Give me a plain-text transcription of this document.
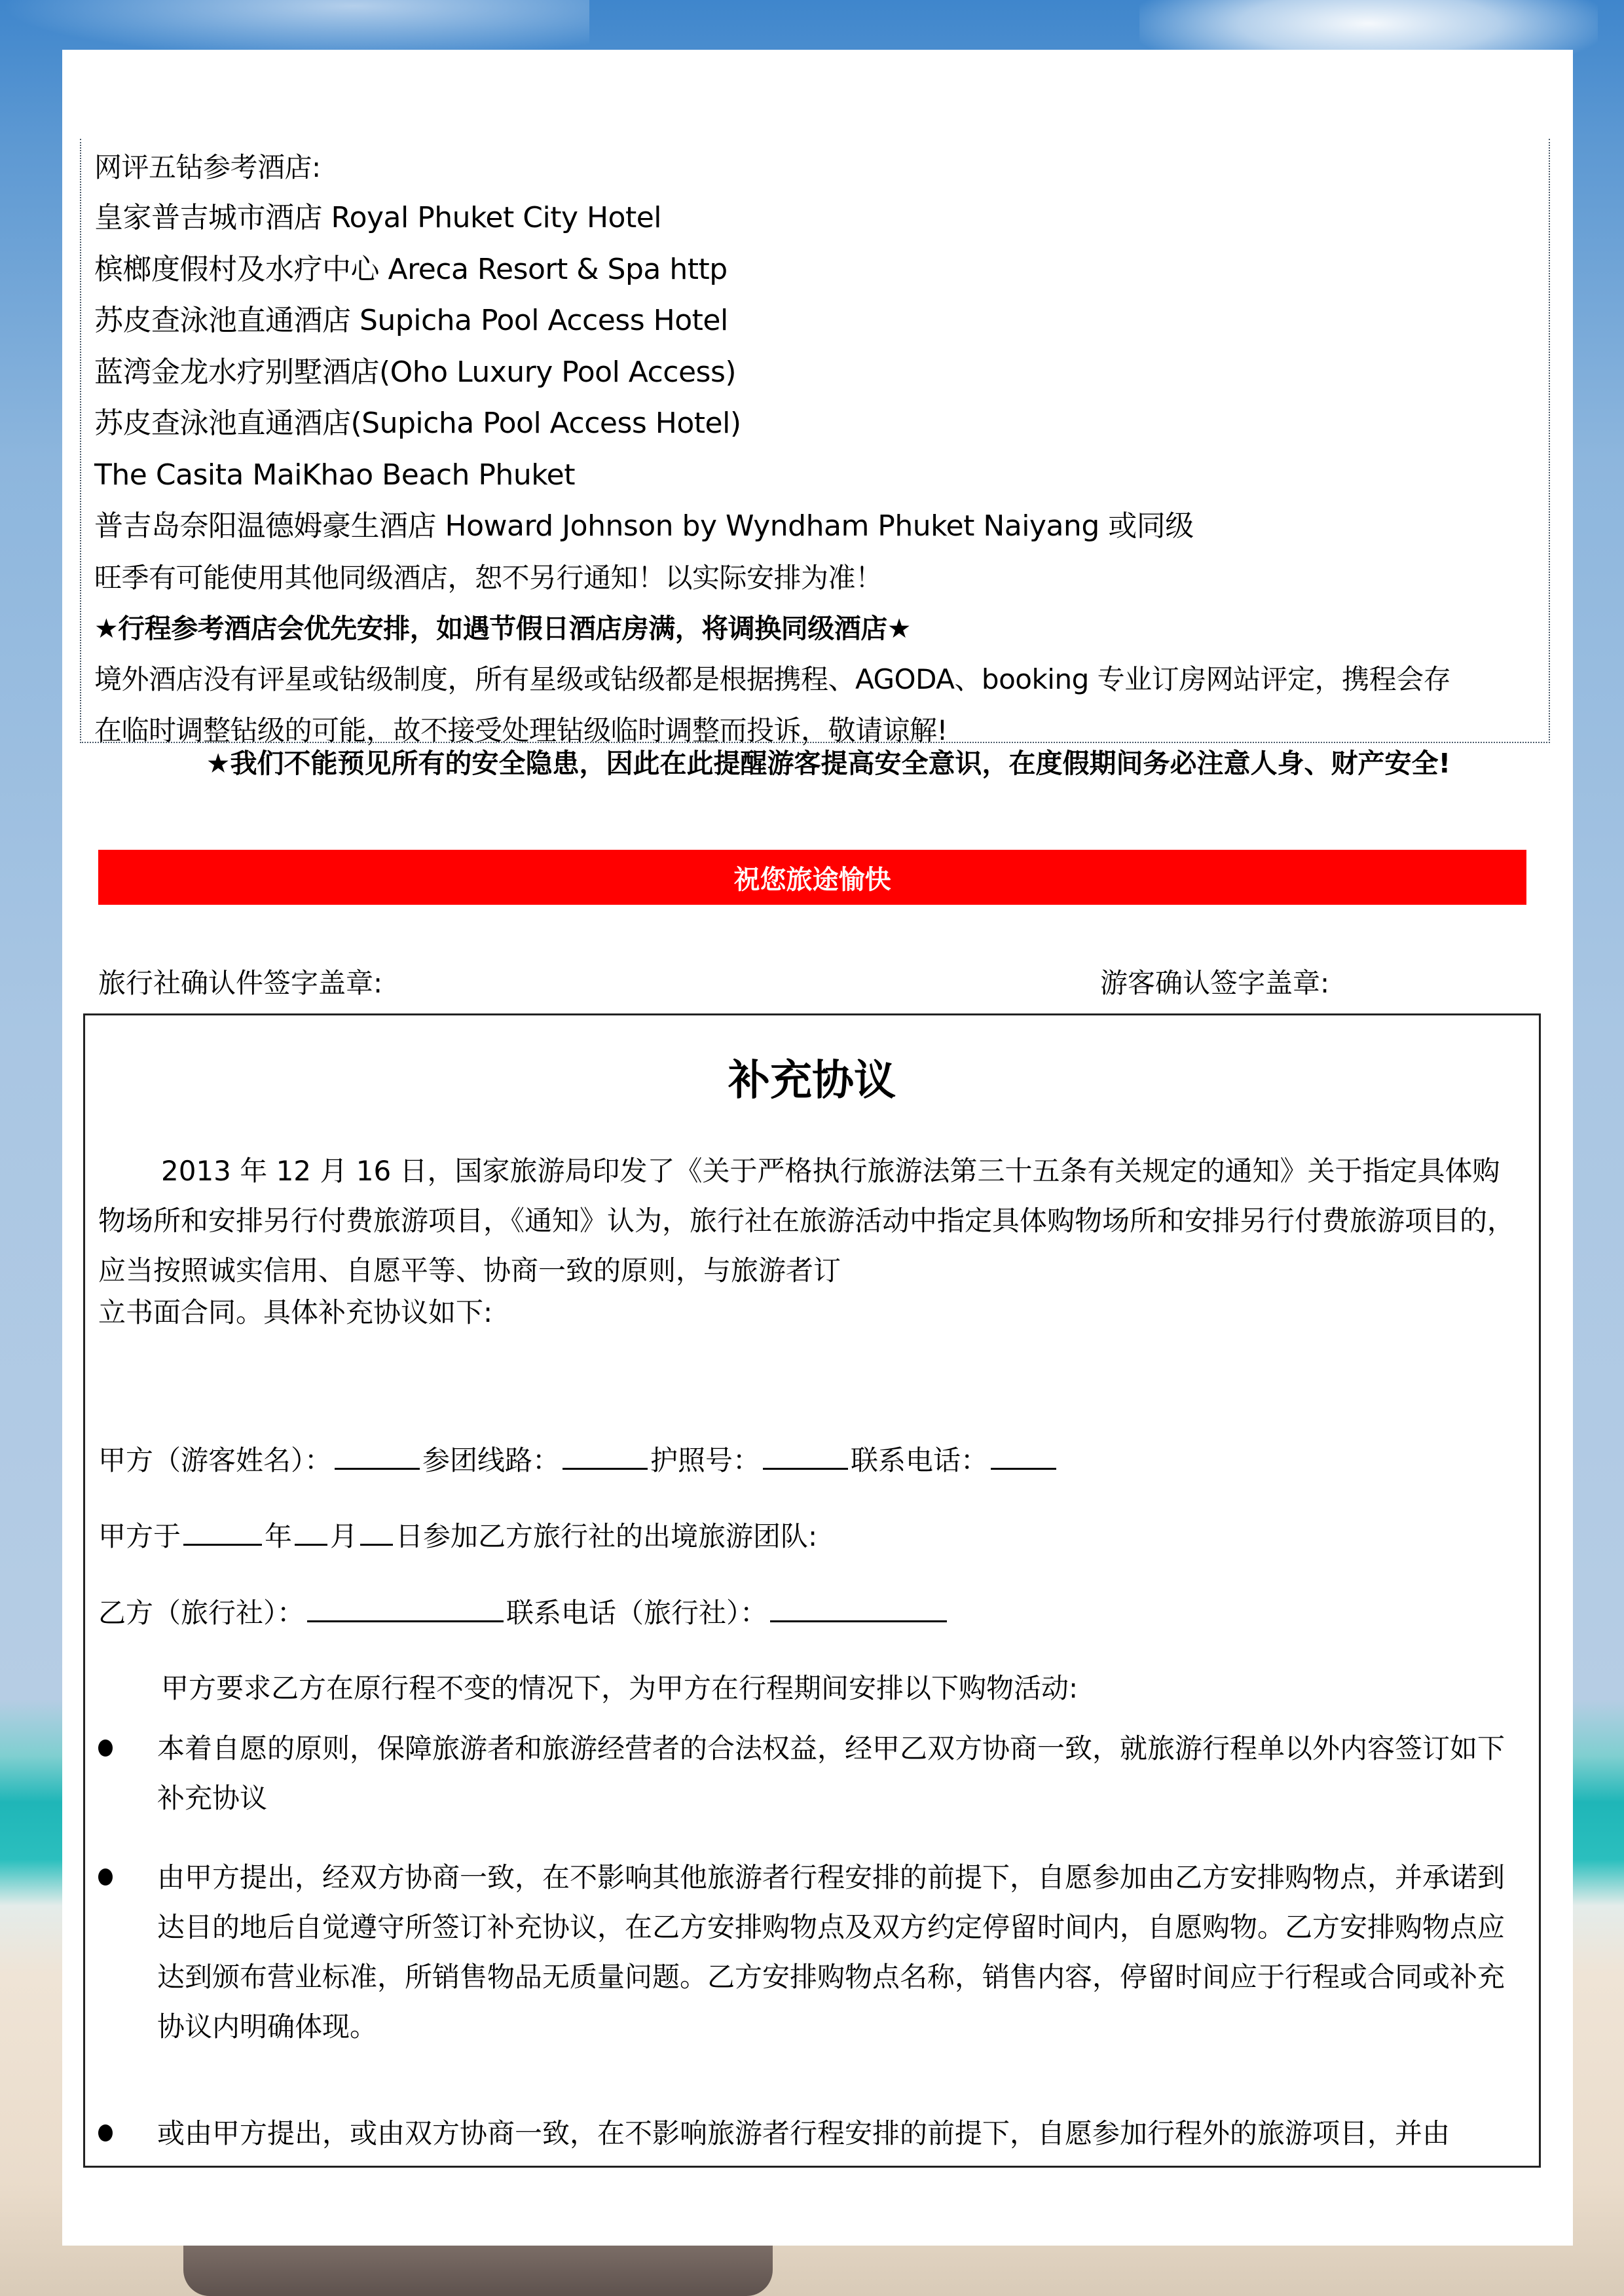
网评五钻参考酒店:
皇家普吉城市酒店 Royal Phuket City Hotel
槟榔度假村及水疗中心 Areca Resort & Spa http
苏皮查泳池直通酒店 Supicha Pool Access Hotel
蓝湾金龙水疗别墅酒店(Oho Luxury Pool Access)
苏皮查泳池直通酒店(Supicha Pool Access Hotel)
The Casita MaiKhao Beach Phuket
普吉岛奈阳温德姆豪生酒店 Howard Johnson by Wyndham Phuket Naiyang 或同级
旺季有可能使用其他同级酒店，恕不另行通知！以实际安排为准！
★行程参考酒店会优先安排，如遇节假日酒店房满，将调换同级酒店★
境外酒店没有评星或钻级制度，所有星级或钻级都是根据携程、AGODA、booking 专业订房网站评定，携程会存
在临时调整钻级的可能，故不接受处理钻级临时调整而投诉，敬请谅解!
★我们不能预见所有的安全隐患，因此在此提醒游客提高安全意识，在度假期间务必注意人身、财产安全!
祝您旅途愉快
旅行社确认件签字盖章:	游客确认签字盖章:
补充协议
2013 年 12 月 16 日，国家旅游局印发了《关于严格执行旅游法第三十五条有关规定的通知》关于指定具体购物场所和安排另行付费旅游项目，《通知》认为，旅行社在旅游活动中指定具体购物场所和安排另行付费旅游项目的，应当按照诚实信用、自愿平等、协商一致的原则，与旅游者订
立书面合同。具体补充协议如下:
甲方（游客姓名）：	参团线路：	护照号：	联系电话：
甲方于	年 月 日参加乙方旅行社的出境旅游团队:
乙方（旅行社）：	联系电话（旅行社）：
甲方要求乙方在原行程不变的情况下，为甲方在行程期间安排以下购物活动:
本着自愿的原则，保障旅游者和旅游经营者的合法权益，经甲乙双方协商一致，就旅游行程单以外内容签订如下补充协议
由甲方提出，经双方协商一致，在不影响其他旅游者行程安排的前提下，自愿参加由乙方安排购物点，并承诺到达目的地后自觉遵守所签订补充协议，在乙方安排购物点及双方约定停留时间内，自愿购物。乙方安排购物点应达到颁布营业标准，所销售物品无质量问题。乙方安排购物点名称，销售内容，停留时间应于行程或合同或补充协议内明确体现。
或由甲方提出，或由双方协商一致，在不影响旅游者行程安排的前提下，自愿参加行程外的旅游项目，并由
